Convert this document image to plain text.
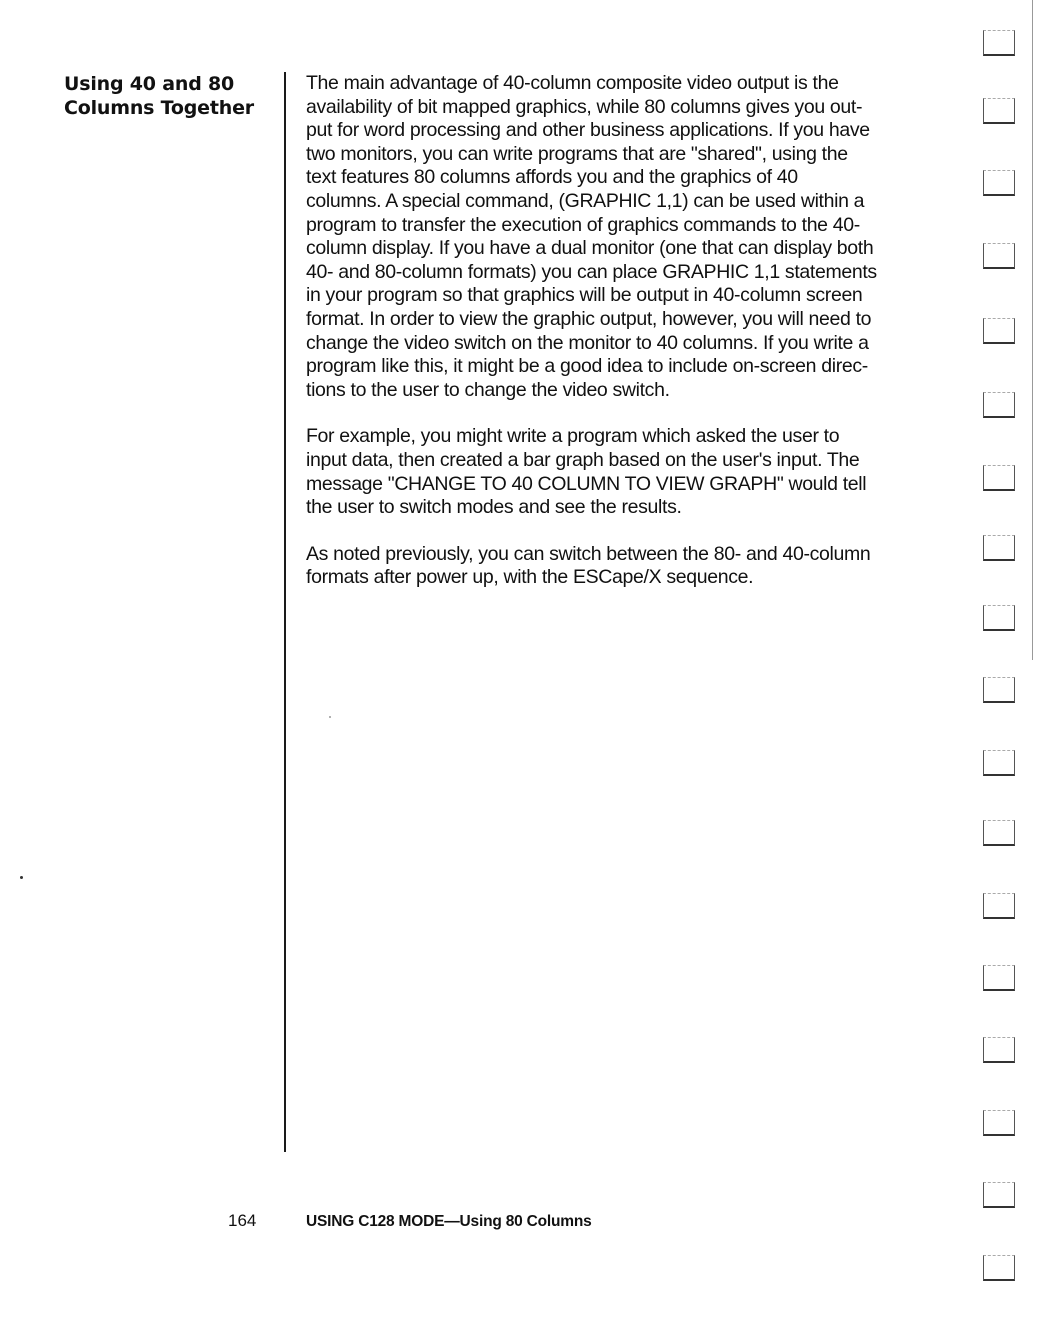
Using 40 and 80
Columns Together

The main advantage of 40-column composite video output is the
availability of bit mapped graphics, while 80 columns gives you out-
put for word processing and other business applications. If you have
two monitors, you can write programs that are "shared", using the
text features 80 columns affords you and the graphics of 40
columns. A special command, (GRAPHIC 1,1) can be used within a
program to transfer the execution of graphics commands to the 40-
column display. If you have a dual monitor (one that can display both
40- and 80-column formats) you can place GRAPHIC 1,1 statements
in your program so that graphics will be output in 40-column screen
format. In order to view the graphic output, however, you will need to
change the video switch on the monitor to 40 columns. If you write a
program like this, it might be a good idea to include on-screen direc-
tions to the user to change the video switch.

For example, you might write a program which asked the user to
input data, then created a bar graph based on the user's input. The
message "CHANGE TO 40 COLUMN TO VIEW GRAPH" would tell
the user to switch modes and see the results.

As noted previously, you can switch between the 80- and 40-column
formats after power up, with the ESCape/X sequence.

164	USING C128 MODE—Using 80 Columns
